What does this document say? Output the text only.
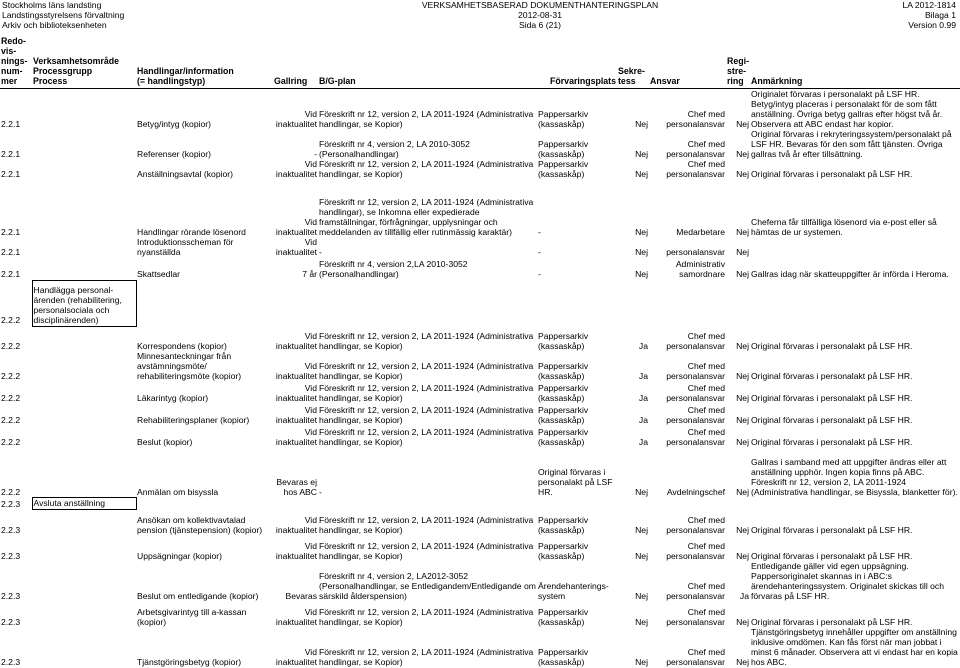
Stockholms läns landsting
Landstingsstyrelsens förvaltning
Arkiv och biblioteksenheten
VERKSAMHETSBASERAD DOKUMENTHANTERINGSPLAN
2012-08-31
Sida 6 (21)
LA 2012-1814
Bilaga 1
Version 0.99
Redo-
vis-
nings-
num-
mer	Verksamhetsområde
Processgrupp
Process	Handlingar/information
(= handlingstyp)	Gallring	B/G-plan	Förvaringsplats	Sekre-
tess	Ansvar	Regi-
stre-
ring	Anmärkning
2.2.1		Betyg/intyg (kopior)	Vid
inaktualitet	Föreskrift nr 12, version 2, LA 2011-1924 (Administrativa handlingar, se Kopior)	Pappersarkiv
(kassaskåp)	Nej	Chef med
personalansvar	Nej	Originalet förvaras i personalakt på LSF HR. Betyg/intyg placeras i personalakt för de som fått anställning. Övriga betyg gallras efter högst två år. Observera att ABC endast har kopior.
2.2.1		Referenser (kopior)	-	Föreskrift nr 4, version 2, LA 2010-3052 (Personalhandlingar)	Pappersarkiv
(kassaskåp)	Nej	Chef med
personalansvar	Nej	Original förvaras i rekryteringssystem/personalakt på LSF HR. Bevaras för den som fått tjänsten. Övriga gallras två år efter tillsättning.
2.2.1		Anställningsavtal (kopior)	Vid
inaktualitet	Föreskrift nr 12, version 2, LA 2011-1924 (Administrativa handlingar, se Kopior)	Pappersarkiv
(kassaskåp)	Nej	Chef med
personalansvar	Nej	Original förvaras i personalakt på LSF HR.
2.2.1		Handlingar rörande lösenord	Vid
inaktualitet	Föreskrift nr 12, version 2, LA 2011-1924 (Administrativa handlingar), se Inkomna eller expedierade framställningar, förfrågningar, upplysningar och meddelanden av tillfällig eller rutinmässig karaktär)	-	Nej	Medarbetare	Nej	Cheferna får tillfälliga lösenord via e-post eller så hämtas de ur systemen.
2.2.1		Introduktionsscheman för nyanställda	Vid
inaktualitet	-	-	Nej	personalansvar	Nej	
2.2.1		Skattsedlar	7 år	Föreskrift nr 4, version 2,LA 2010-3052 (Personalhandlingar)	-	Nej	Administrativ
samordnare	Nej	Gallras idag när skatteuppgifter är införda i Heroma.
2.2.2	Handlägga personal-
ärenden (rehabilitering,
personalsociala och
disciplinärenden)								
2.2.2		Korrespondens (kopior)	Vid
inaktualitet	Föreskrift nr 12, version 2, LA 2011-1924 (Administrativa handlingar, se Kopior)	Pappersarkiv
(kassaskåp)	Ja	Chef med
personalansvar	Nej	Original förvaras i personalakt på LSF HR.
2.2.2		Minnesanteckningar från avstämningsmöte/ rehabiliteringsmöte (kopior)	Vid
inaktualitet	Föreskrift nr 12, version 2, LA 2011-1924 (Administrativa handlingar, se Kopior)	Pappersarkiv
(kassaskåp)	Ja	Chef med
personalansvar	Nej	Original förvaras i personalakt på LSF HR.
2.2.2		Läkarintyg (kopior)	Vid
inaktualitet	Föreskrift nr 12, version 2, LA 2011-1924 (Administrativa handlingar, se Kopior)	Pappersarkiv
(kassaskåp)	Ja	Chef med
personalansvar	Nej	Original förvaras i personalakt på LSF HR.
2.2.2		Rehabiliteringsplaner (kopior)	Vid
inaktualitet	Föreskrift nr 12, version 2, LA 2011-1924 (Administrativa handlingar, se Kopior)	Pappersarkiv
(kassaskåp)	Ja	Chef med
personalansvar	Nej	Original förvaras i personalakt på LSF HR.
2.2.2		Beslut (kopior)	Vid
inaktualitet	Föreskrift nr 12, version 2, LA 2011-1924 (Administrativa handlingar, se Kopior)	Pappersarkiv
(kassaskåp)	Ja	Chef med
personalansvar	Nej	Original förvaras i personalakt på LSF HR.
2.2.2		Anmälan om bisyssla	Bevaras ej
hos ABC	-	Original förvaras i personalakt på LSF HR.	Nej	Avdelningschef	Nej	Gallras i samband med att uppgifter ändras eller att anställning upphör. Ingen kopia finns på ABC. Föreskrift nr 12, version 2, LA 2011-1924 (Administrativa handlingar, se Bisyssla, blanketter för).
2.2.3	Avsluta anställning								
2.2.3		Ansökan om kollektivavtalad pension (tjänstepension) (kopior)	Vid
inaktualitet	Föreskrift nr 12, version 2, LA 2011-1924 (Administrativa handlingar, se Kopior)	Pappersarkiv
(kassaskåp)	Nej	Chef med
personalansvar	Nej	Original förvaras i personalakt på LSF HR.
2.2.3		Uppsägningar (kopior)	Vid
inaktualitet	Föreskrift nr 12, version 2, LA 2011-1924 (Administrativa handlingar, se Kopior)	Pappersarkiv
(kassaskåp)	Nej	Chef med
personalansvar	Nej	Original förvaras i personalakt på LSF HR.
2.2.3		Beslut om entledigande (kopior)	Bevaras	Föreskrift nr 4, version 2, LA2012-3052 (Personalhandlingar, se Entledigandem/Entledigande om särskild ålderspension)	Ärendehanterings-
system	Nej	Chef med
personalansvar	Ja	Entledigande gäller vid egen uppsägning. Pappersoriginalet skannas in i ABC:s ärendehanteringssystem. Originalet skickas till och förvaras på LSF HR.
2.2.3		Arbetsgivarintyg till a-kassan (kopior)	Vid
inaktualitet	Föreskrift nr 12, version 2, LA 2011-1924 (Administrativa handlingar, se Kopior)	Pappersarkiv
(kassaskåp)	Nej	Chef med
personalansvar	Nej	Original förvaras i personalakt på LSF HR.
2.2.3		Tjänstgöringsbetyg (kopior)	Vid
inaktualitet	Föreskrift nr 12, version 2, LA 2011-1924 (Administrativa handlingar, se Kopior)	Pappersarkiv
(kassaskåp)	Nej	Chef med
personalansvar	Nej	Tjänstgöringsbetyg innehåller uppgifter om anställning inklusive omdömen. Kan fås först när man jobbat i minst 6 månader. Observera att vi endast har en kopia hos ABC.
